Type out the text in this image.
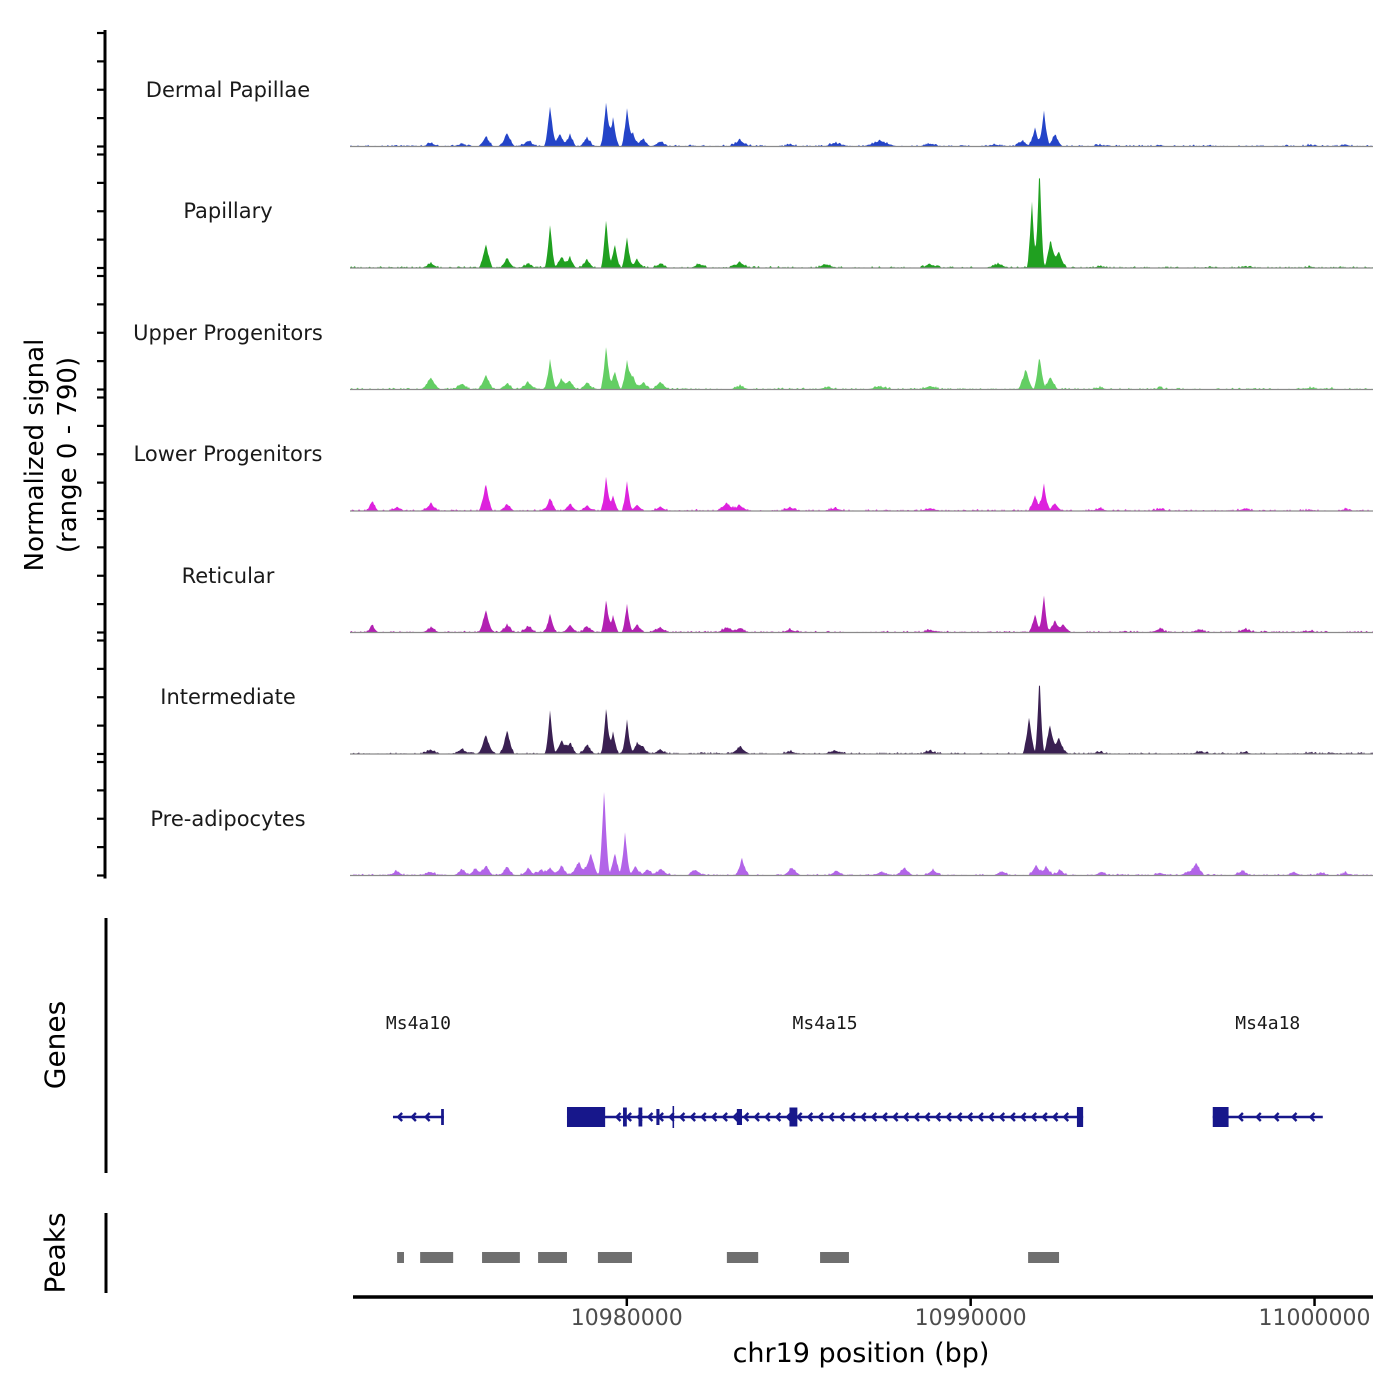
Ms4a10	Ms4a15	Ms4a18
Normalized signal (range 0 - 790)
Dermal Papillae
Papillary
Upper Progenitors
Lower Progenitors
Reticular
Intermediate
Pre-adipocytes
Genes
Peaks
10980000	10990000	11000000
chr19 position (bp)
